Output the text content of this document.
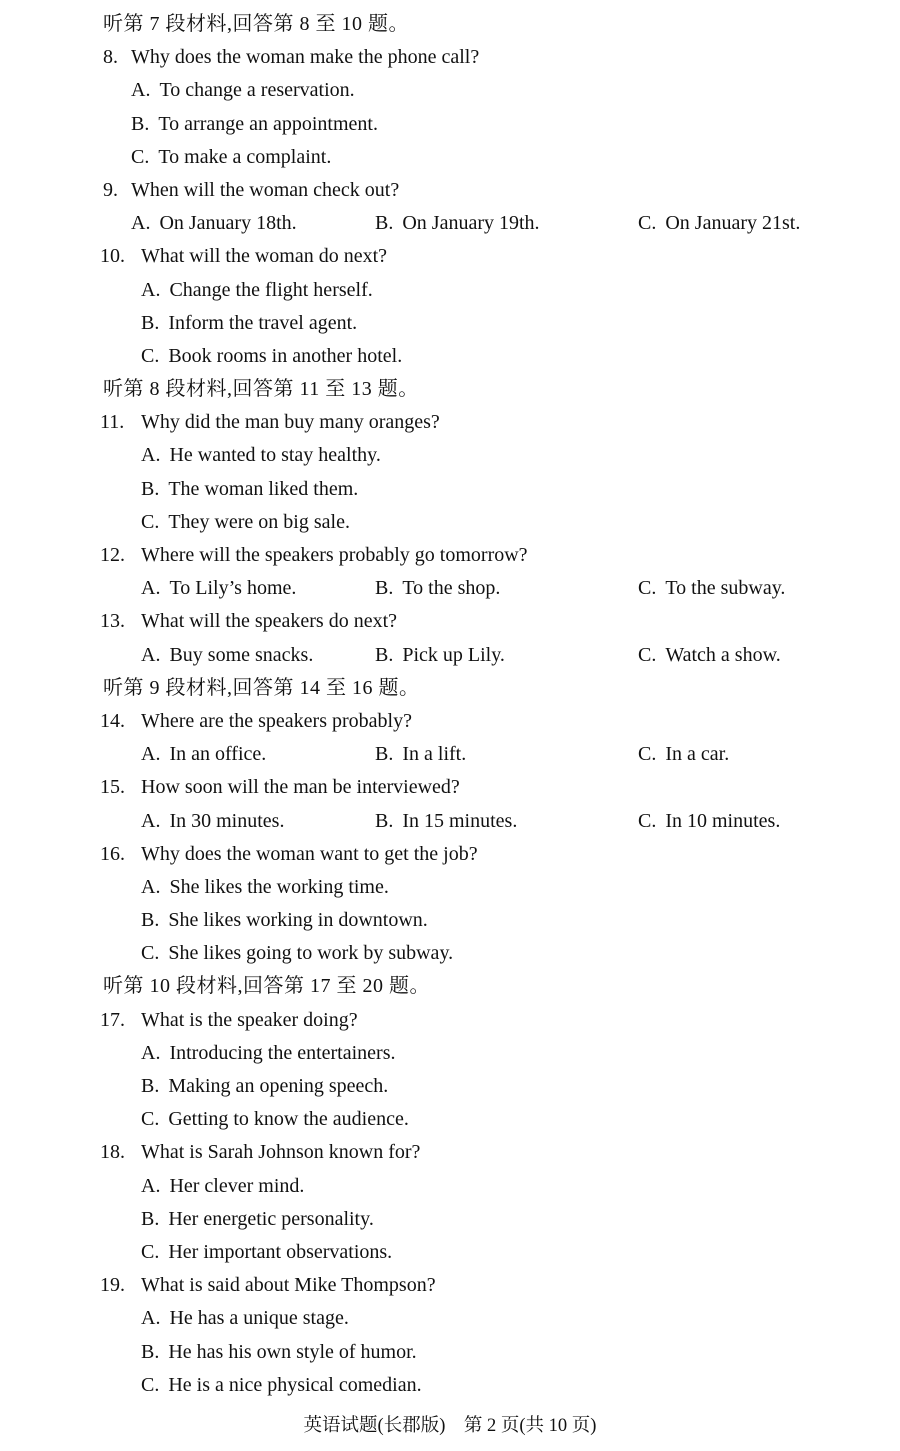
听第 7 段材料,回答第 8 至 10 题。
8. Why does the woman make the phone call?
A. To change a reservation.
B. To arrange an appointment.
C. To make a complaint.
9. When will the woman check out?
A. On January 18th.	B. On January 19th.	C. On January 21st.
10. What will the woman do next?
A. Change the flight herself.
B. Inform the travel agent.
C. Book rooms in another hotel.
听第 8 段材料,回答第 11 至 13 题。
11. Why did the man buy many oranges?
A. He wanted to stay healthy.
B. The woman liked them.
C. They were on big sale.
12. Where will the speakers probably go tomorrow?
A. To Lily’s home.	B. To the shop.	C. To the subway.
13. What will the speakers do next?
A. Buy some snacks.	B. Pick up Lily.	C. Watch a show.
听第 9 段材料,回答第 14 至 16 题。
14. Where are the speakers probably?
A. In an office.	B. In a lift.	C. In a car.
15. How soon will the man be interviewed?
A. In 30 minutes.	B. In 15 minutes.	C. In 10 minutes.
16. Why does the woman want to get the job?
A. She likes the working time.
B. She likes working in downtown.
C. She likes going to work by subway.
听第 10 段材料,回答第 17 至 20 题。
17. What is the speaker doing?
A. Introducing the entertainers.
B. Making an opening speech.
C. Getting to know the audience.
18. What is Sarah Johnson known for?
A. Her clever mind.
B. Her energetic personality.
C. Her important observations.
19. What is said about Mike Thompson?
A. He has a unique stage.
B. He has his own style of humor.
C. He is a nice physical comedian.
英语试题(长郡版)　第 2 页(共 10 页)
